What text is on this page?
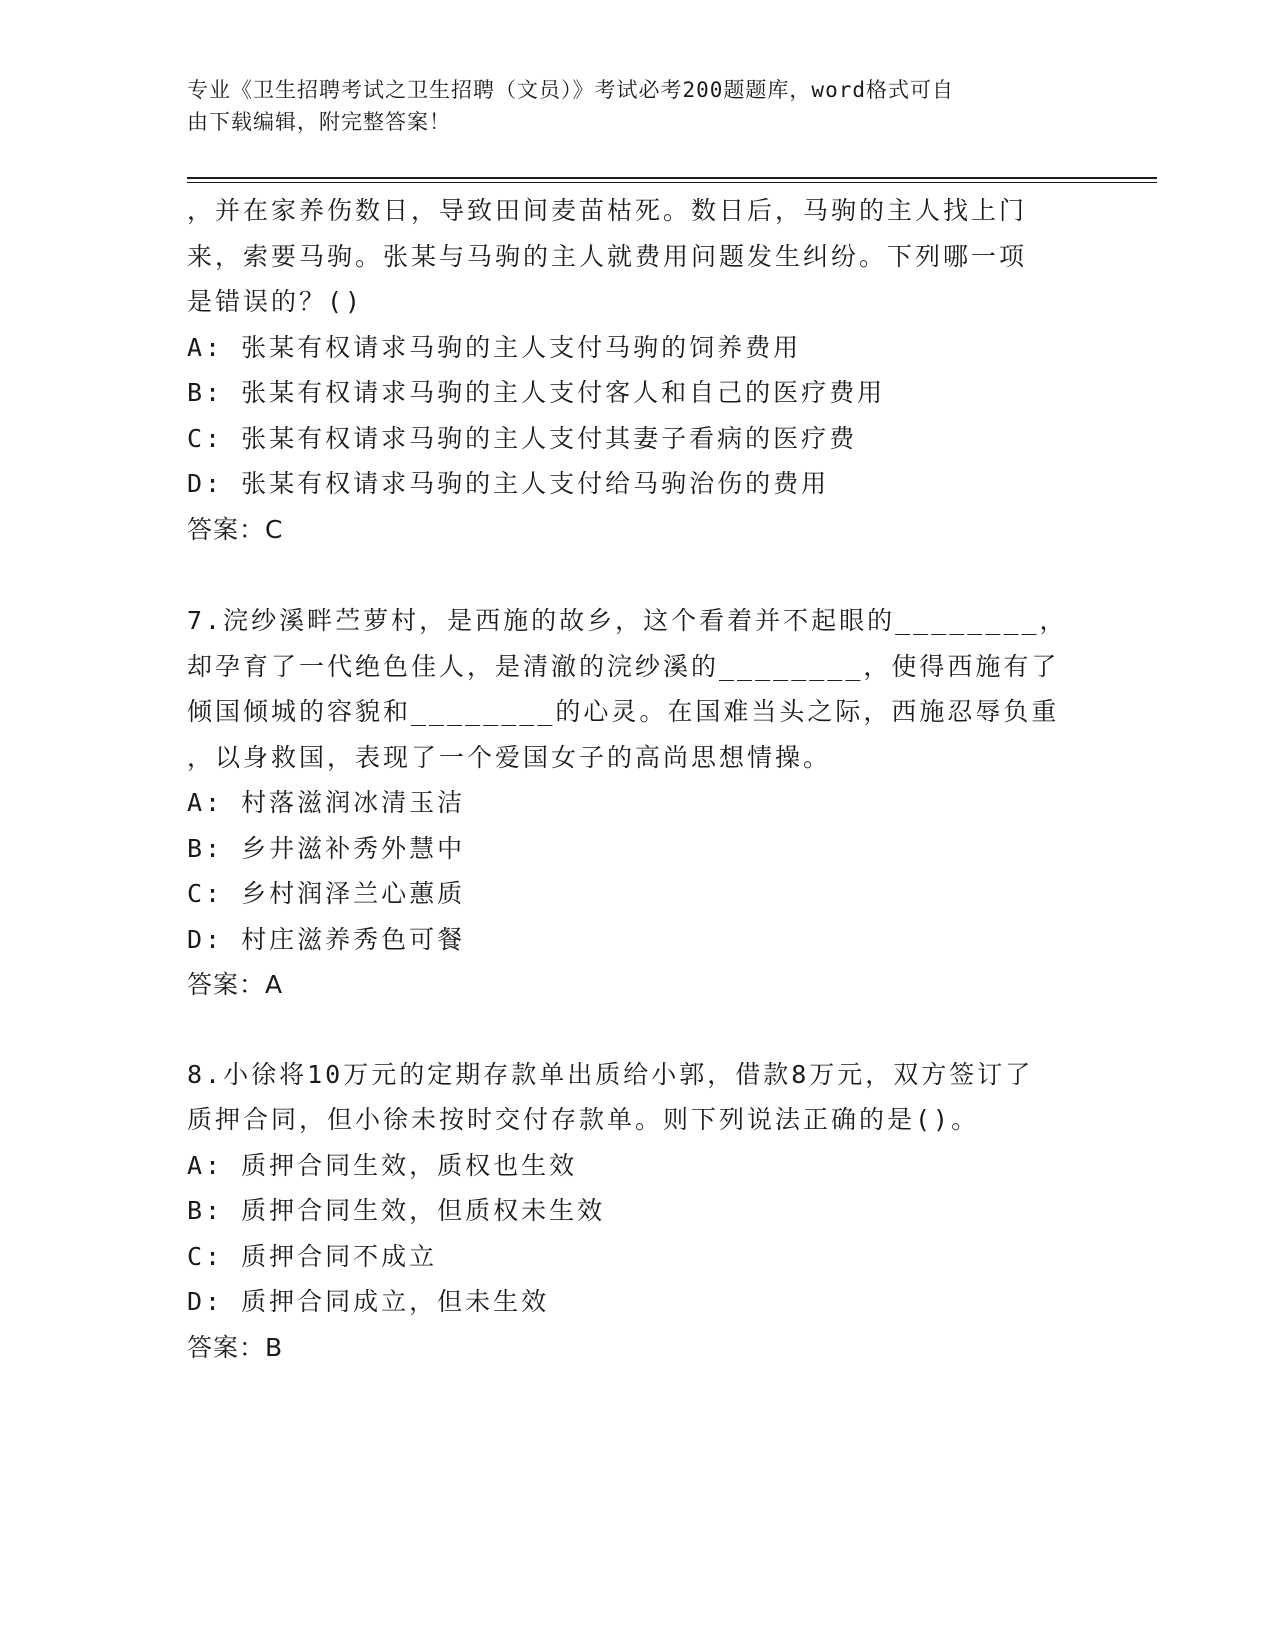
专业《卫生招聘考试之卫生招聘（文员）》考试必考200题题库，word格式可自
由下载编辑，附完整答案！
，并在家养伤数日，导致田间麦苗枯死。数日后，马驹的主人找上门
来，索要马驹。张某与马驹的主人就费用问题发生纠纷。下列哪一项
是错误的？()
A: 张某有权请求马驹的主人支付马驹的饲养费用
B: 张某有权请求马驹的主人支付客人和自己的医疗费用
C: 张某有权请求马驹的主人支付其妻子看病的医疗费
D: 张某有权请求马驹的主人支付给马驹治伤的费用
答案：C
7.浣纱溪畔苎萝村，是西施的故乡，这个看着并不起眼的________，
却孕育了一代绝色佳人，是清澈的浣纱溪的________，使得西施有了
倾国倾城的容貌和________的心灵。在国难当头之际，西施忍辱负重
，以身救国，表现了一个爱国女子的高尚思想情操。
A: 村落滋润冰清玉洁
B: 乡井滋补秀外慧中
C: 乡村润泽兰心蕙质
D: 村庄滋养秀色可餐
答案：A
8.小徐将10万元的定期存款单出质给小郭，借款8万元，双方签订了
质押合同，但小徐未按时交付存款单。则下列说法正确的是()。
A: 质押合同生效，质权也生效
B: 质押合同生效，但质权未生效
C: 质押合同不成立
D: 质押合同成立，但未生效
答案：B
